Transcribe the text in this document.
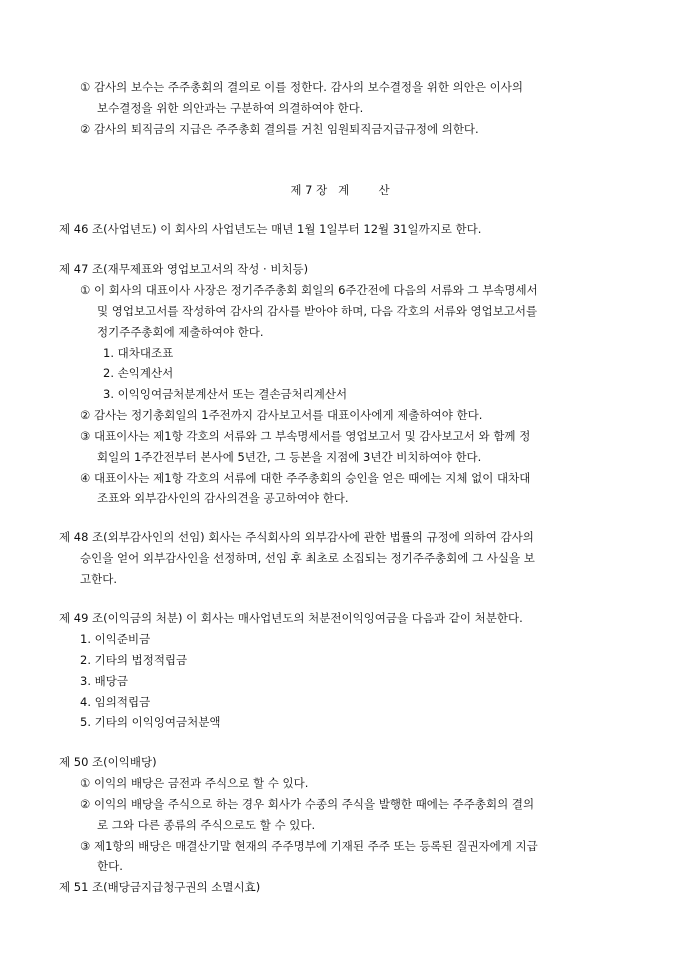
① 감사의 보수는 주주총회의 결의로 이를 정한다. 감사의 보수결정을 위한 의안은 이사의
보수결정을 위한 의안과는 구분하여 의결하여야 한다.
② 감사의 퇴직금의 지급은 주주총회 결의를 거친 임원퇴직금지급규정에 의한다.
제 7 장   계        산
제 46 조(사업년도) 이 회사의 사업년도는 매년 1월 1일부터 12월 31일까지로 한다.
제 47 조(재무제표와 영업보고서의 작성 · 비치등)
① 이 회사의 대표이사 사장은 정기주주총회 회일의 6주간전에 다음의 서류와 그 부속명세서
및 영업보고서를 작성하여 감사의 감사를 받아야 하며, 다음 각호의 서류와 영업보고서를
정기주주총회에 제출하여야 한다.
1. 대차대조표
2. 손익계산서
3. 이익잉여금처분계산서 또는 결손금처리계산서
② 감사는 정기총회일의 1주전까지 감사보고서를 대표이사에게 제출하여야 한다.
③ 대표이사는 제1항 각호의 서류와 그 부속명세서를 영업보고서 및 감사보고서 와 함께 정
회일의 1주간전부터 본사에 5년간, 그 등본을 지점에 3년간 비치하여야 한다.
④ 대표이사는 제1항 각호의 서류에 대한 주주총회의 승인을 얻은 때에는 지체 없이 대차대
조표와 외부감사인의 감사의견을 공고하여야 한다.
제 48 조(외부감사인의 선임) 회사는 주식회사의 외부감사에 관한 법률의 규정에 의하여 감사의
승인을 얻어 외부감사인을 선정하며, 선임 후 최초로 소집되는 정기주주총회에 그 사실을 보
고한다.
제 49 조(이익금의 처분) 이 회사는 매사업년도의 처분전이익잉여금을 다음과 같이 처분한다.
1. 이익준비금
2. 기타의 법정적립금
3. 배당금
4. 임의적립금
5. 기타의 이익잉여금처분액
제 50 조(이익배당)
① 이익의 배당은 금전과 주식으로 할 수 있다.
② 이익의 배당을 주식으로 하는 경우 회사가 수종의 주식을 발행한 때에는 주주총회의 결의
로 그와 다른 종류의 주식으로도 할 수 있다.
③ 제1항의 배당은 매결산기말 현재의 주주명부에 기재된 주주 또는 등록된 질권자에게 지급
한다.
제 51 조(배당금지급청구권의 소멸시효)
